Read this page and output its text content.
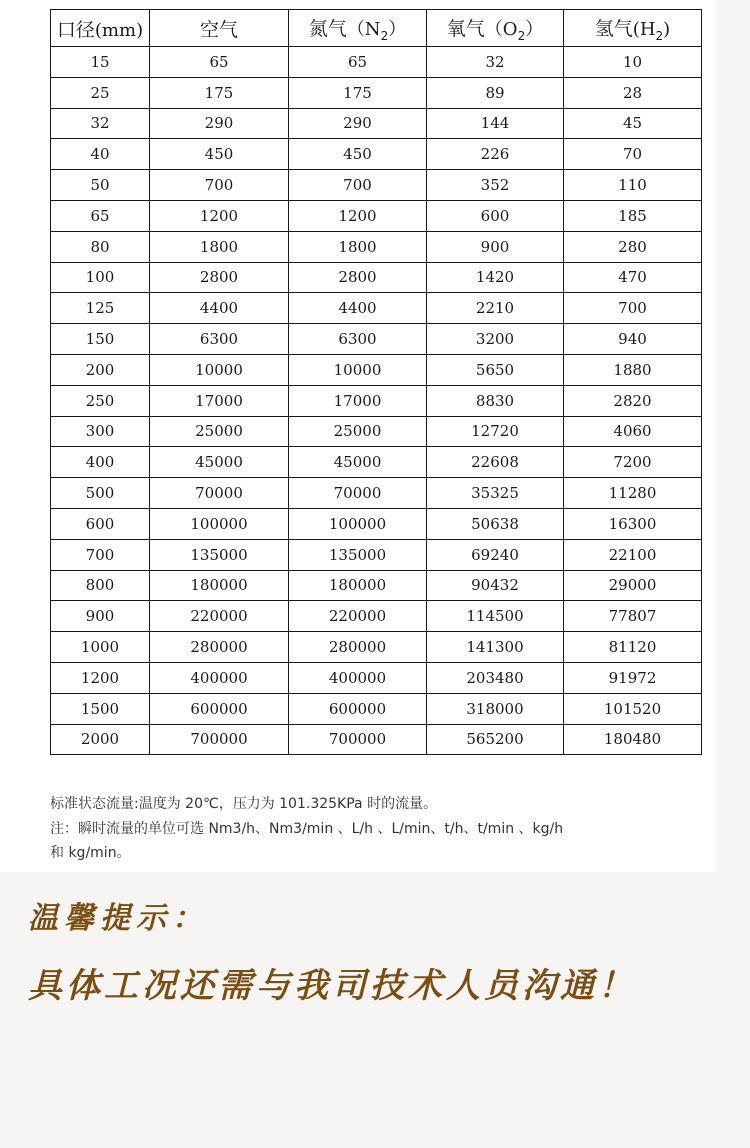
口径(mm)	空气	氮气$(N_2)$	氧气$(O_2)$	氢气$(H_2)$
15	65	65	32	10
25	175	175	89	28
32	290	290	144	45
40	450	450	226	70
50	700	700	352	110
65	1200	1200	600	185
80	1800	1800	900	280
100	2800	2800	1420	470
125	4400	4400	2210	700
150	6300	6300	3200	940
200	10000	10000	5650	1880
250	17000	17000	8830	2820
300	25000	25000	12720	4060
400	45000	45000	22608	7200
500	70000	70000	35325	11280
600	100000	100000	50638	16300
700	135000	135000	69240	22100
800	180000	180000	90432	29000
900	220000	220000	114500	77807
1000	280000	280000	141300	81120
1200	400000	400000	203480	91972
1500	600000	600000	318000	101520
2000	700000	700000	565200	180480
标准状态流量:温度为 20℃，压力为 101.325KPa 时的流量。
注：瞬时流量的单位可选 Nm3/h、Nm3/min 、L/h 、L/min、t/h、t/min 、kg/h
和 kg/min。
温馨提示：
具体工况还需与我司技术人员沟通！
